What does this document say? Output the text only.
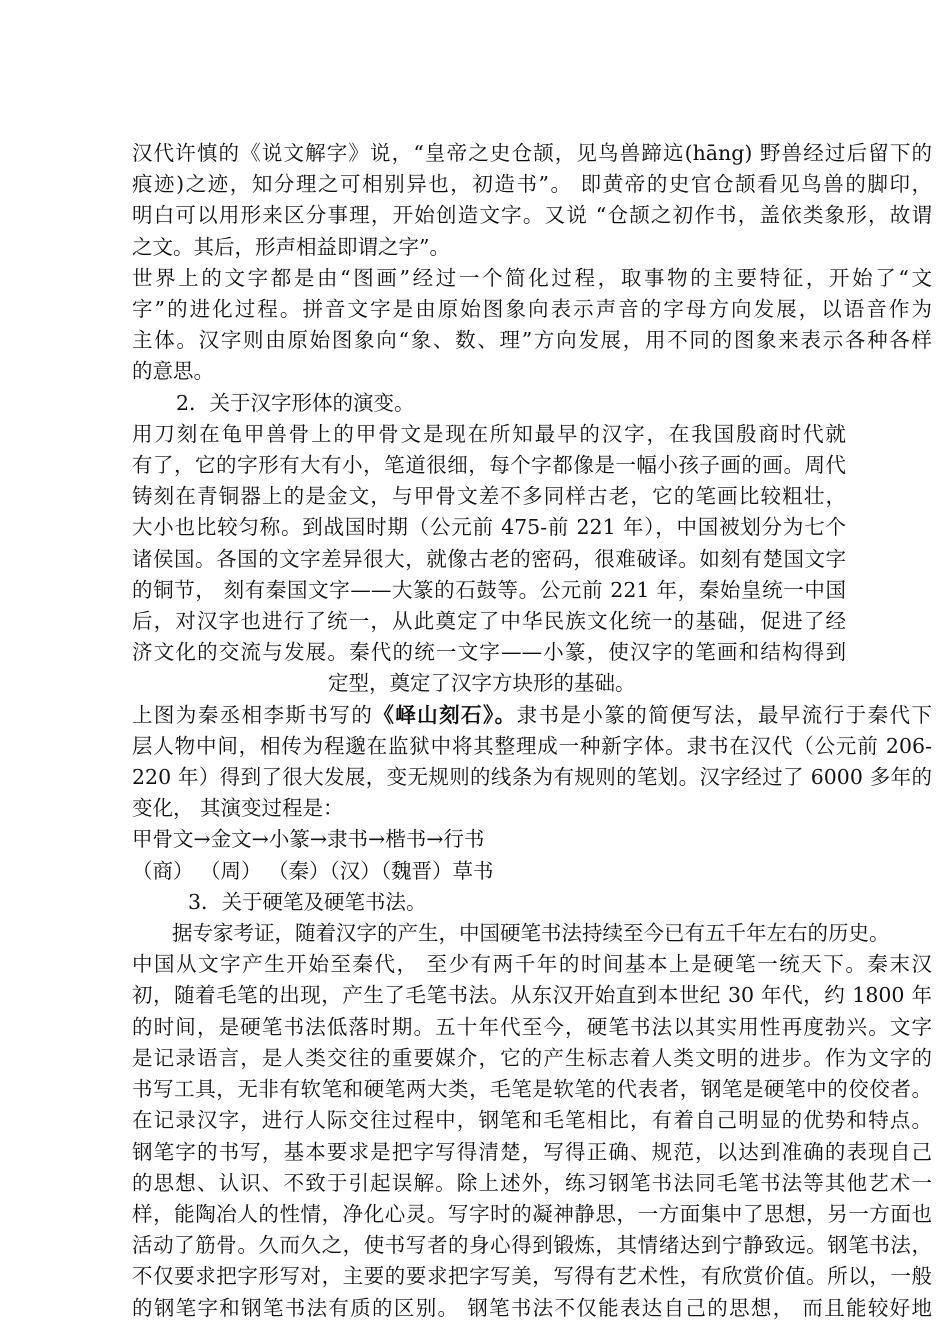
汉代许慎的《说文解字》说，“皇帝之史仓颉，见鸟兽蹄迒(hāng) 野兽经过后留下的
痕迹)之迹，知分理之可相别异也，初造书”。 即黄帝的史官仓颉看见鸟兽的脚印，
明白可以用形来区分事理，开始创造文字。又说 “仓颉之初作书，盖依类象形，故谓
之文。其后，形声相益即谓之字”。
世界上的文字都是由“图画”经过一个简化过程，取事物的主要特征，开始了“文
字”的进化过程。拼音文字是由原始图象向表示声音的字母方向发展，以语音作为
主体。汉字则由原始图象向“象、数、理”方向发展，用不同的图象来表示各种各样
的意思。
2．关于汉字形体的演变。
用刀刻在龟甲兽骨上的甲骨文是现在所知最早的汉字，在我国殷商时代就
有了，它的字形有大有小，笔道很细，每个字都像是一幅小孩子画的画。周代
铸刻在青铜器上的是金文，与甲骨文差不多同样古老，它的笔画比较粗壮，
大小也比较匀称。到战国时期（公元前 475-前 221 年），中国被划分为七个
诸侯国。各国的文字差异很大，就像古老的密码，很难破译。如刻有楚国文字
的铜节， 刻有秦国文字——大篆的石鼓等。公元前 221 年，秦始皇统一中国
后，对汉字也进行了统一，从此奠定了中华民族文化统一的基础，促进了经
济文化的交流与发展。秦代的统一文字——小篆，使汉字的笔画和结构得到
定型，奠定了汉字方块形的基础。
上图为秦丞相李斯书写的《峄山刻石》。隶书是小篆的简便写法，最早流行于秦代下
层人物中间，相传为程邈在监狱中将其整理成一种新字体。隶书在汉代（公元前 206-
220 年）得到了很大发展，变无规则的线条为有规则的笔划。汉字经过了 6000 多年的
变化， 其演变过程是：
甲骨文→金文→小篆→隶书→楷书→行书
（商） （周） （秦）（汉）（魏晋）草书
3．关于硬笔及硬笔书法。
据专家考证，随着汉字的产生，中国硬笔书法持续至今已有五千年左右的历史。
中国从文字产生开始至秦代， 至少有两千年的时间基本上是硬笔一统天下。秦末汉
初，随着毛笔的出现，产生了毛笔书法。从东汉开始直到本世纪 30 年代，约 1800 年
的时间，是硬笔书法低落时期。五十年代至今，硬笔书法以其实用性再度勃兴。文字
是记录语言，是人类交往的重要媒介，它的产生标志着人类文明的进步。作为文字的
书写工具，无非有软笔和硬笔两大类，毛笔是软笔的代表者，钢笔是硬笔中的佼佼者。
在记录汉字，进行人际交往过程中，钢笔和毛笔相比，有着自己明显的优势和特点。
钢笔字的书写，基本要求是把字写得清楚，写得正确、规范，以达到准确的表现自己
的思想、认识、不致于引起误解。除上述外，练习钢笔书法同毛笔书法等其他艺术一
样，能陶冶人的性情，净化心灵。写字时的凝神静思，一方面集中了思想，另一方面也
活动了筋骨。久而久之，使书写者的身心得到锻炼，其情绪达到宁静致远。钢笔书法，
不仅要求把字形写对，主要的要求把字写美，写得有艺术性，有欣赏价值。所以，一般
的钢笔字和钢笔书法有质的区别。 钢笔书法不仅能表达自己的思想， 而且能较好地
